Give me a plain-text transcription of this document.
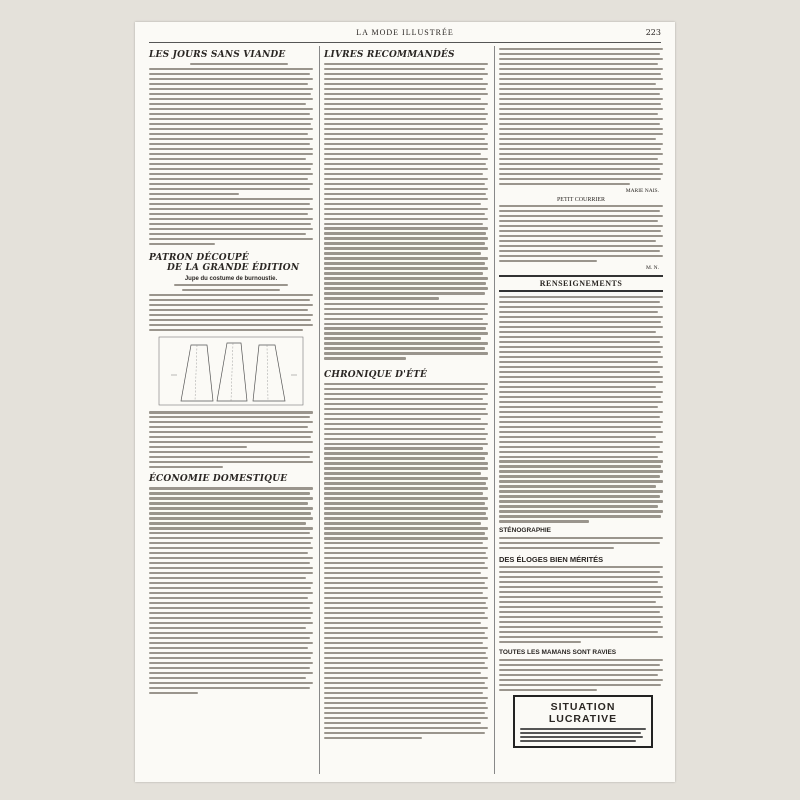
LA MODE ILLUSTRÉE	223
LES JOURS SANS VIANDE
PATRON DÉCOUPÉ
DE LA GRANDE ÉDITION
Jupe du costume de burnoustie.
ÉCONOMIE DOMESTIQUE
LIVRES RECOMMANDÉS
CHRONIQUE D'ÉTÉ
MARIE NAIS.
PETIT COURRIER
M. N.
RENSEIGNEMENTS
STÉNOGRAPHIE
DES ÉLOGES BIEN MÉRITÉS
TOUTES LES MAMANS SONT RAVIES
SITUATION LUCRATIVE
